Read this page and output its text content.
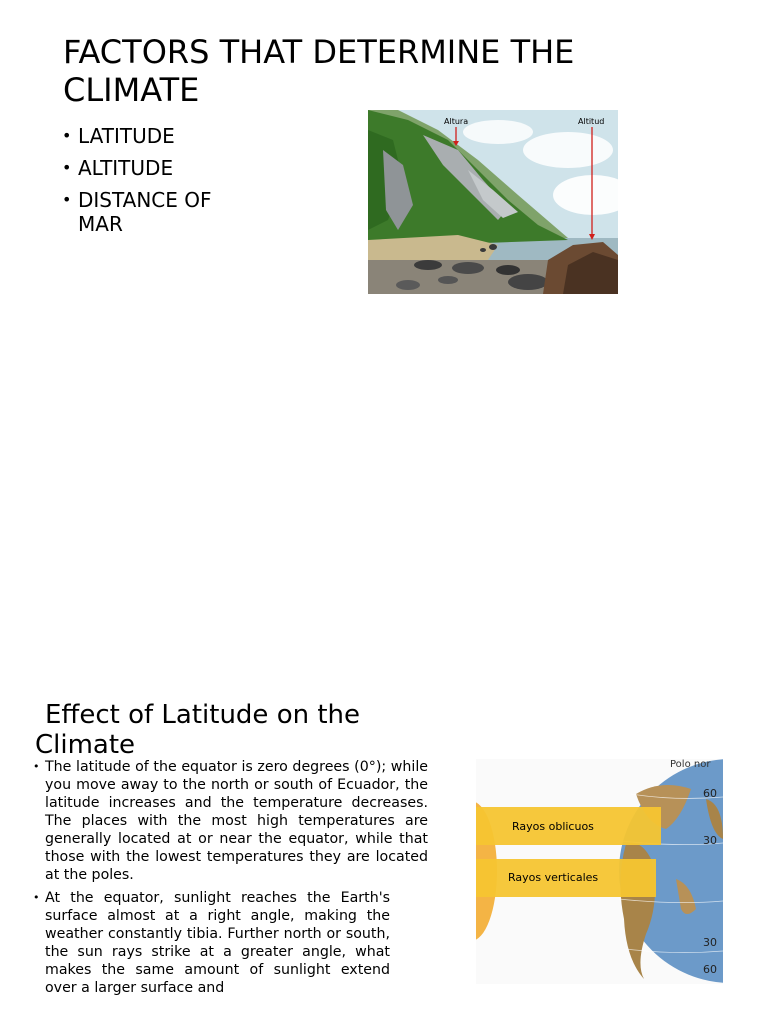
FACTORS THAT DETERMINE THE CLIMATE
• LATITUDE
• ALTITUDE
• DISTANCE OF MAR
Altura	Altitud
Effect of Latitude on the Climate
• The latitude of the equator is zero degrees (0°); while you move away to the north or south of Ecuador, the latitude increases and the temperature decreases. The places with the most high temperatures are generally located at or near the equator, while that those with the lowest temperatures they are located at the poles.
• At the equator, sunlight reaches the Earth's surface almost at a right angle, making the weather constantly tibia. Further north or south, the sun rays strike at a greater angle, what makes the same amount of sunlight extend over a larger surface and
Rayos oblicuos
Rayos verticales
Polo nor
60
30
30
60
